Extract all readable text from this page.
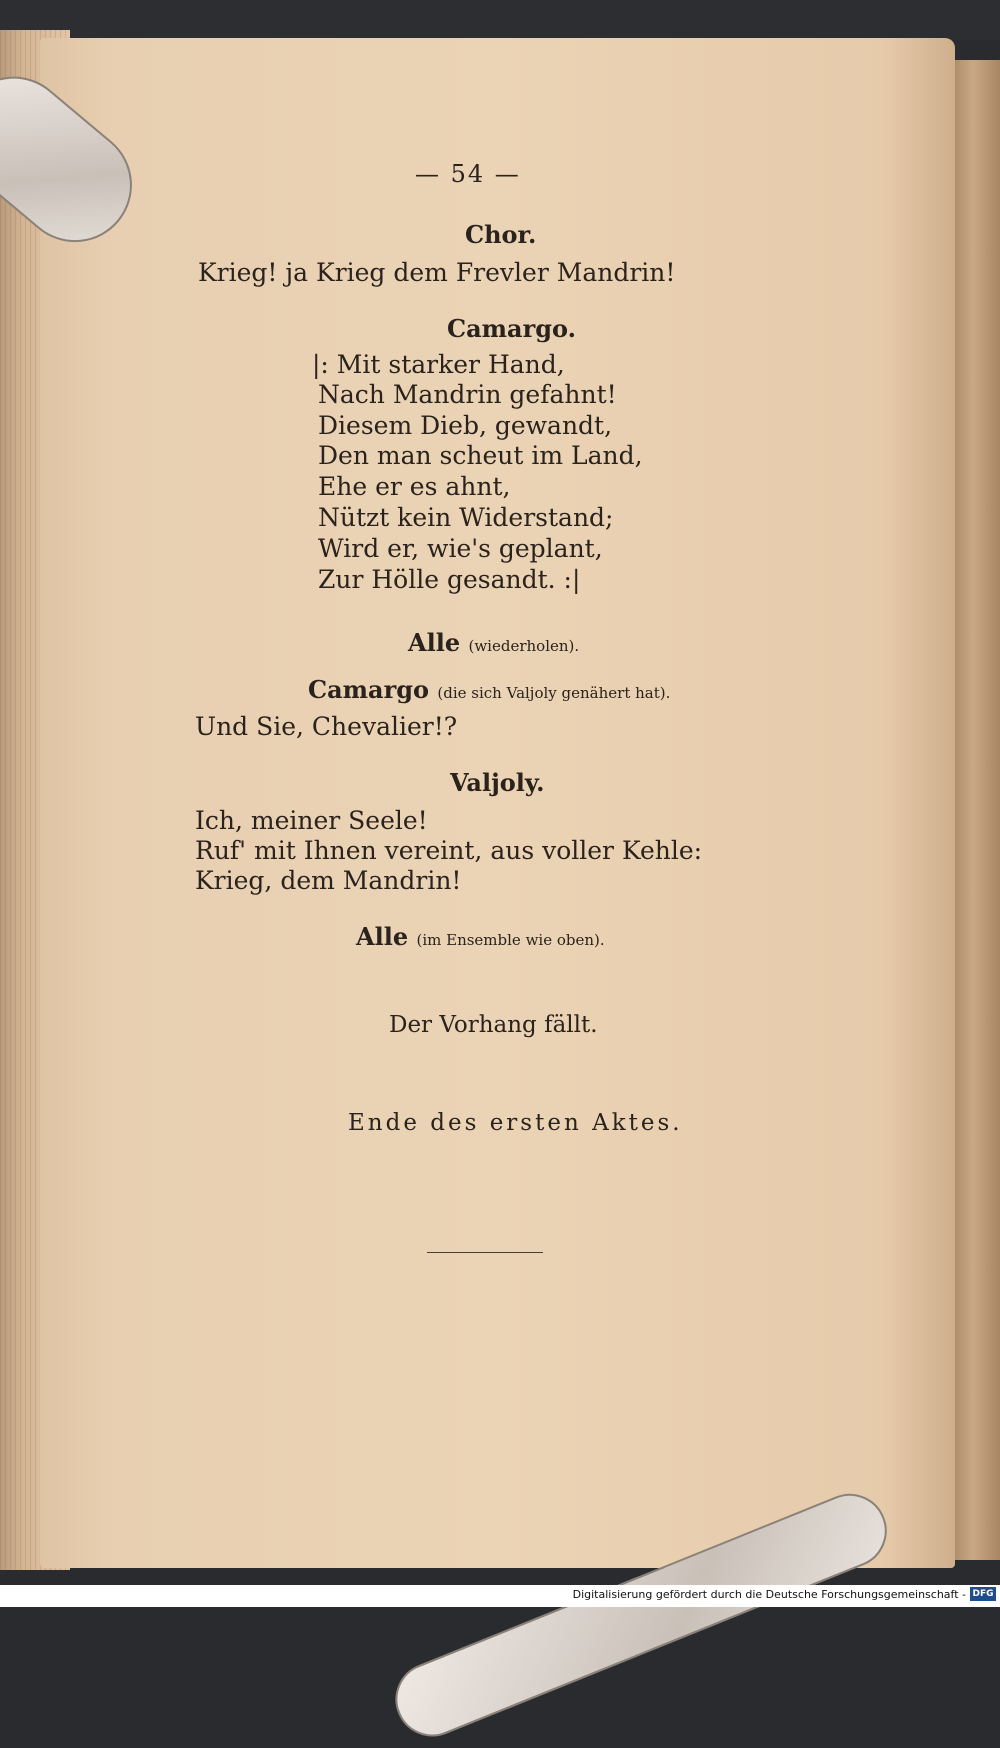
— 54 —
Chor.
Krieg! ja Krieg dem Frevler Mandrin!
Camargo.
|: Mit starker Hand,
Nach Mandrin gefahnt!
Diesem Dieb, gewandt,
Den man scheut im Land,
Ehe er es ahnt,
Nützt kein Widerstand;
Wird er, wie's geplant,
Zur Hölle gesandt. :|
Alle (wiederholen).
Camargo (die sich Valjoly genähert hat).
Und Sie, Chevalier!?
Valjoly.
Ich, meiner Seele!
Ruf' mit Ihnen vereint, aus voller Kehle:
Krieg, dem Mandrin!
Alle (im Ensemble wie oben).
Der Vorhang fällt.
Ende des ersten Aktes.
Digitalisierung gefördert durch die Deutsche Forschungsgemeinschaft - DFG
